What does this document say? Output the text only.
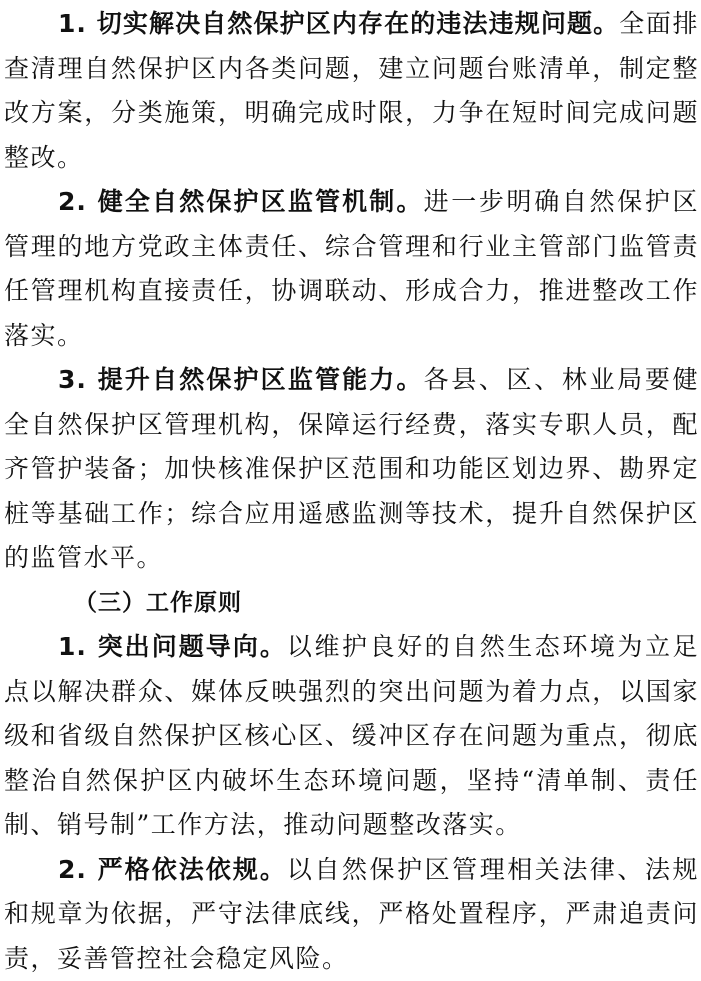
1. 切实解决自然保护区内存在的违法违规问题。全面排查清理自然保护区内各类问题，建立问题台账清单，制定整改方案，分类施策，明确完成时限，力争在短时间完成问题整改。

2. 健全自然保护区监管机制。进一步明确自然保护区管理的地方党政主体责任、综合管理和行业主管部门监管责任管理机构直接责任，协调联动、形成合力，推进整改工作落实。

3. 提升自然保护区监管能力。各县、区、林业局要健全自然保护区管理机构，保障运行经费，落实专职人员，配齐管护装备；加快核准保护区范围和功能区划边界、勘界定桩等基础工作；综合应用遥感监测等技术，提升自然保护区的监管水平。

（三）工作原则

1. 突出问题导向。以维护良好的自然生态环境为立足点以解决群众、媒体反映强烈的突出问题为着力点，以国家级和省级自然保护区核心区、缓冲区存在问题为重点，彻底整治自然保护区内破坏生态环境问题，坚持“清单制、责任制、销号制”工作方法，推动问题整改落实。

2. 严格依法依规。以自然保护区管理相关法律、法规和规章为依据，严守法律底线，严格处置程序，严肃追责问责，妥善管控社会稳定风险。
